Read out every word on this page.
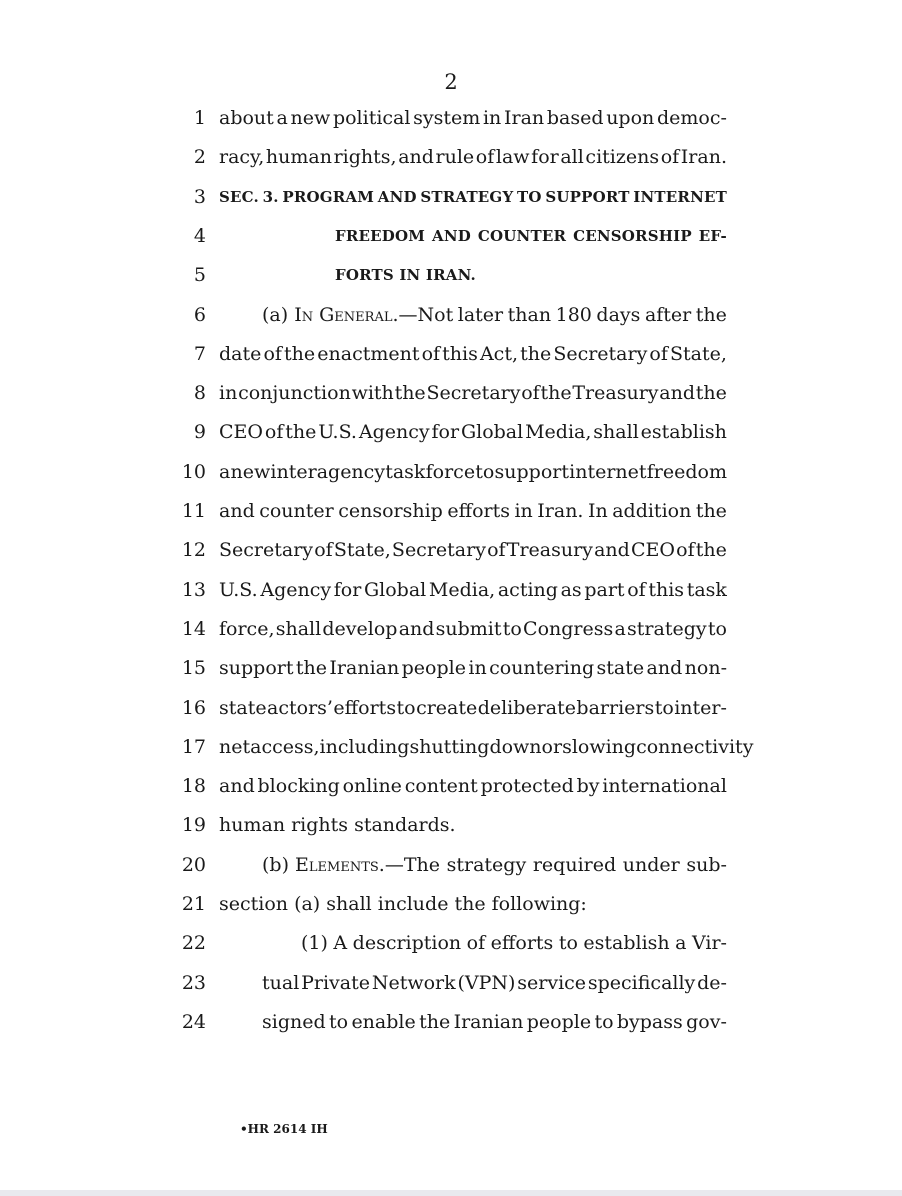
2
1 about a new political system in Iran based upon democ-
2 racy, human rights, and rule of law for all citizens of Iran.
3 SEC. 3. PROGRAM AND STRATEGY TO SUPPORT INTERNET
4	FREEDOM AND COUNTER CENSORSHIP EF-
5	FORTS IN IRAN.
6	(a) In General.—Not later than 180 days after the
7 date of the enactment of this Act, the Secretary of State,
8 in conjunction with the Secretary of the Treasury and the
9 CEO of the U.S. Agency for Global Media, shall establish
10 a new interagency task force to support internet freedom
11 and counter censorship efforts in Iran. In addition the
12 Secretary of State, Secretary of Treasury and CEO of the
13 U.S. Agency for Global Media, acting as part of this task
14 force, shall develop and submit to Congress a strategy to
15 support the Iranian people in countering state and non-
16 state actors’ efforts to create deliberate barriers to inter-
17 net access, including shutting down or slowing connectivity
18 and blocking online content protected by international
19 human rights standards.
20	(b) Elements.—The strategy required under sub-
21 section (a) shall include the following:
22	(1) A description of efforts to establish a Vir-
23	tual Private Network (VPN) service specifically de-
24	signed to enable the Iranian people to bypass gov-
•HR 2614 IH
